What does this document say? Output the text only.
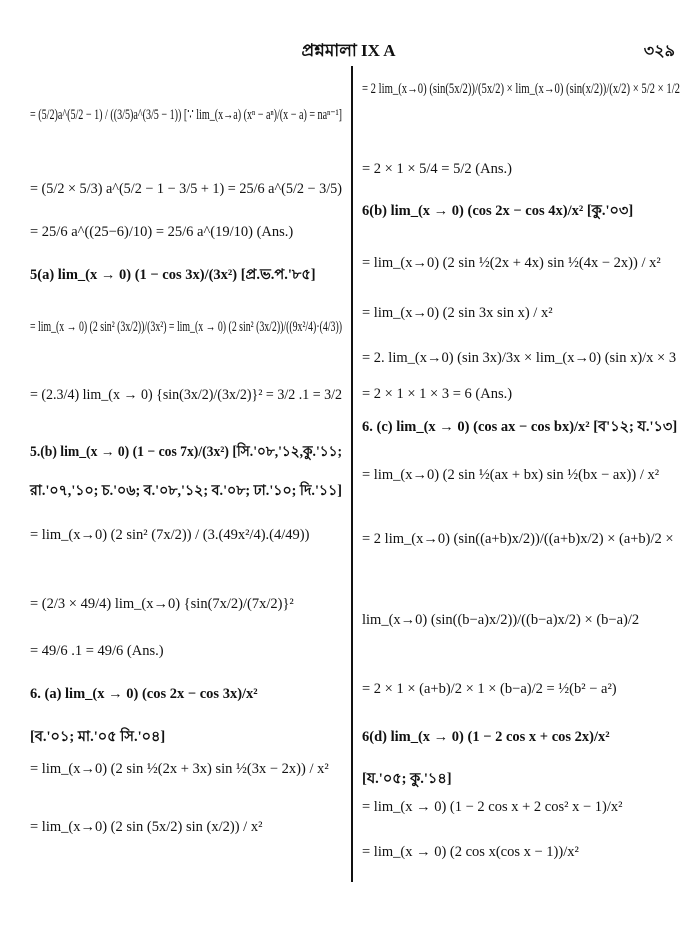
প্রশ্নমালা IX A	৩২৯
= (5/2)a^(5/2 − 1) / ((3/5)a^(3/5 − 1)) [∵ lim_(x→a) (xⁿ − aⁿ)/(x − a) = naⁿ⁻¹]
= (5/2 × 5/3) a^(5/2 − 1 − 3/5 + 1) = 25/6 a^(5/2 − 3/5)
= 25/6 a^((25−6)/10) = 25/6 a^(19/10) (Ans.)
5(a) lim_(x → 0) (1 − cos 3x)/(3x²) [প্র.ভ.প.'৮৫]
= lim_(x → 0) (2 sin² (3x/2))/(3x²) = lim_(x → 0) (2 sin² (3x/2))/((9x²/4)·(4/3))
= (2.3/4) lim_(x → 0) {sin(3x/2)/(3x/2)}² = 3/2 .1 = 3/2
5.(b) lim_(x → 0) (1 − cos 7x)/(3x²) [সি.'০৮,'১২,কু.'১১;
রা.'০৭,'১০; চ.'০৬; ব.'০৮,'১২; ব.'০৮; ঢা.'১০; দি.'১১]
= lim_(x→0) (2 sin² (7x/2)) / (3.(49x²/4).(4/49))
= (2/3 × 49/4) lim_(x→0) {sin(7x/2)/(7x/2)}²
= 49/6 .1 = 49/6 (Ans.)
6. (a) lim_(x → 0) (cos 2x − cos 3x)/x²
[ব.'০১; মা.'০৫ সি.'০৪]
= lim_(x→0) (2 sin ½(2x + 3x) sin ½(3x − 2x)) / x²
= lim_(x→0) (2 sin (5x/2) sin (x/2)) / x²
= 2 lim_(x→0) (sin(5x/2))/(5x/2) × lim_(x→0) (sin(x/2))/(x/2) × 5/2 × 1/2
= 2 × 1 × 5/4 = 5/2 (Ans.)
6(b) lim_(x → 0) (cos 2x − cos 4x)/x² [কু.'০৩]
= lim_(x→0) (2 sin ½(2x + 4x) sin ½(4x − 2x)) / x²
= lim_(x→0) (2 sin 3x sin x) / x²
= 2. lim_(x→0) (sin 3x)/3x × lim_(x→0) (sin x)/x × 3
= 2 × 1 × 1 × 3 = 6 (Ans.)
6. (c) lim_(x → 0) (cos ax − cos bx)/x² [ব'১২; য.'১৩]
= lim_(x→0) (2 sin ½(ax + bx) sin ½(bx − ax)) / x²
= 2 lim_(x→0) (sin((a+b)x/2))/((a+b)x/2) × (a+b)/2 ×
lim_(x→0) (sin((b−a)x/2))/((b−a)x/2) × (b−a)/2
= 2 × 1 × (a+b)/2 × 1 × (b−a)/2 = ½(b² − a²)
6(d) lim_(x → 0) (1 − 2 cos x + cos 2x)/x²
[য.'০৫; কু.'১৪]
= lim_(x → 0) (1 − 2 cos x + 2 cos² x − 1)/x²
= lim_(x → 0) (2 cos x(cos x − 1))/x²
